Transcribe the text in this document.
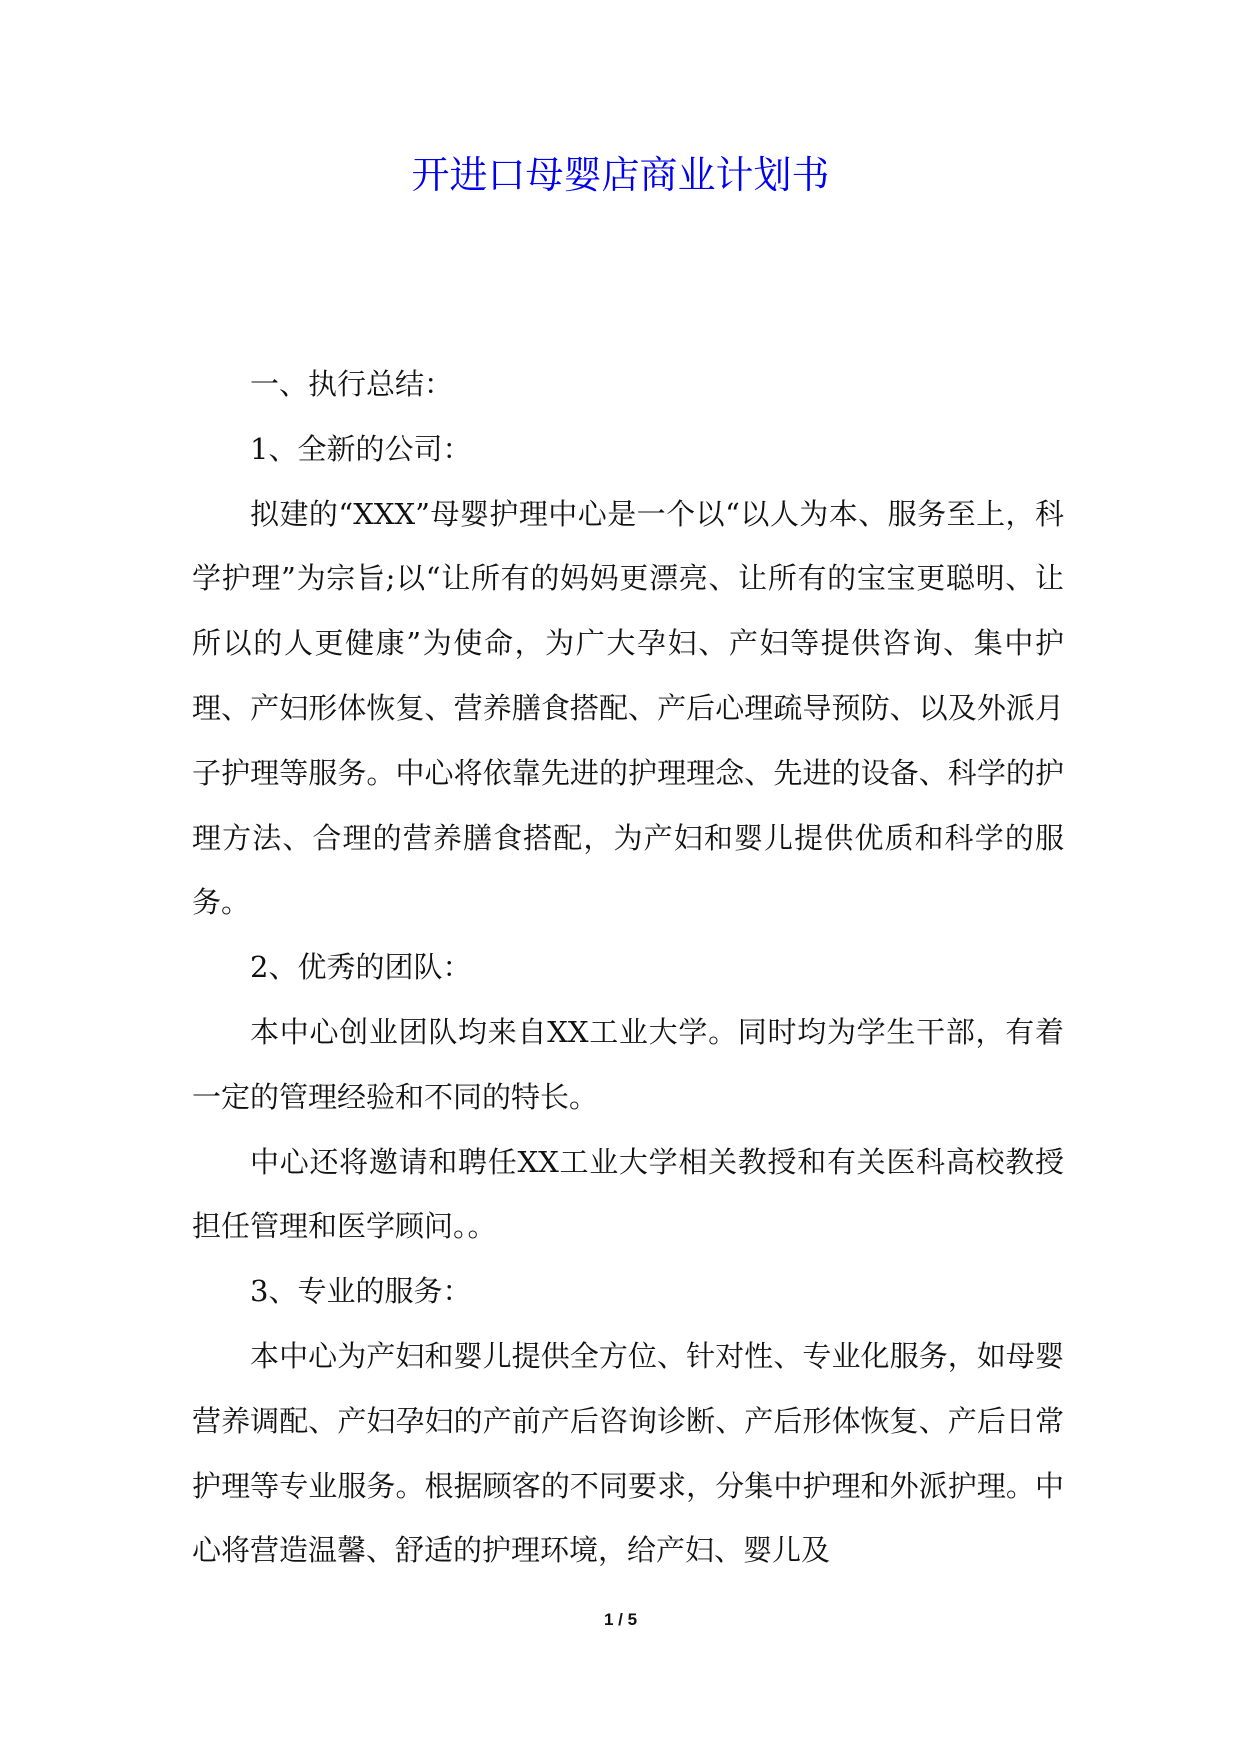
开进口母婴店商业计划书

一、执行总结：

1、全新的公司：

拟建的“XXX”母婴护理中心是一个以“以人为本、服务至上，科学护理”为宗旨;以“让所有的妈妈更漂亮、让所有的宝宝更聪明、让所以的人更健康”为使命，为广大孕妇、产妇等提供咨询、集中护理、产妇形体恢复、营养膳食搭配、产后心理疏导预防、以及外派月子护理等服务。中心将依靠先进的护理理念、先进的设备、科学的护理方法、合理的营养膳食搭配，为产妇和婴儿提供优质和科学的服务。

2、优秀的团队：

本中心创业团队均来自XX工业大学。同时均为学生干部，有着一定的管理经验和不同的特长。

中心还将邀请和聘任XX工业大学相关教授和有关医科高校教授担任管理和医学顾问。。

3、专业的服务：

本中心为产妇和婴儿提供全方位、针对性、专业化服务，如母婴营养调配、产妇孕妇的产前产后咨询诊断、产后形体恢复、产后日常护理等专业服务。根据顾客的不同要求，分集中护理和外派护理。中心将营造温馨、舒适的护理环境，给产妇、婴儿及

1 / 5
